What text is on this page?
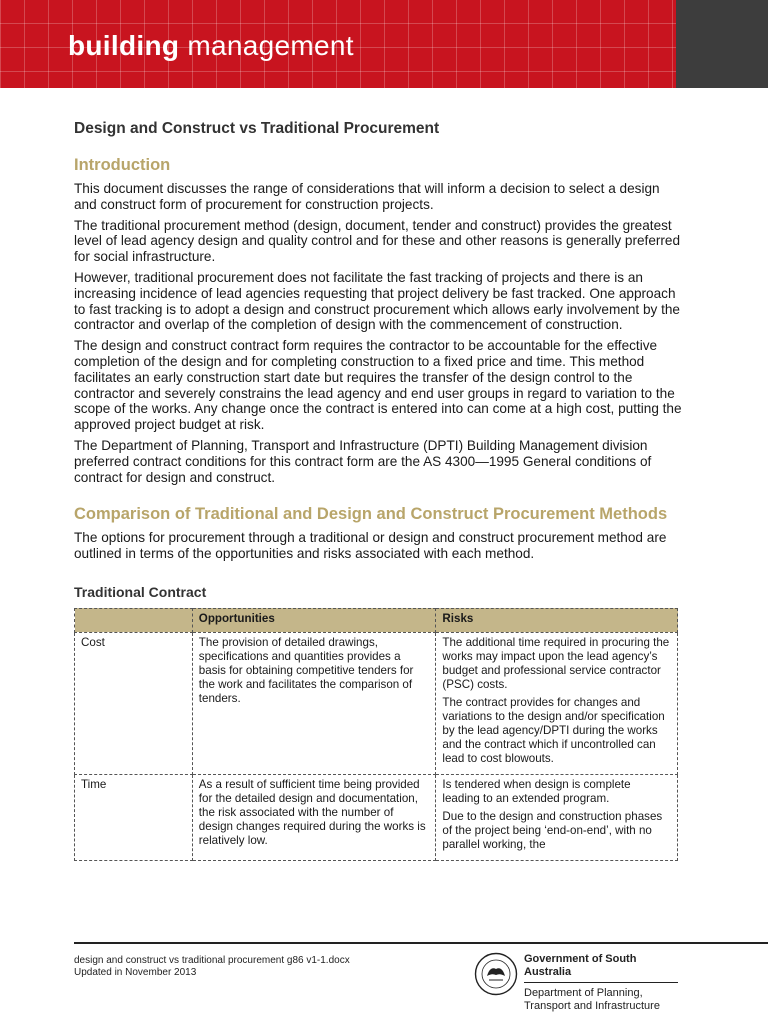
building management
Design and Construct vs Traditional Procurement
Introduction

This document discusses the range of considerations that will inform a decision to select a design and construct form of procurement for construction projects.

The traditional procurement method (design, document, tender and construct) provides the greatest level of lead agency design and quality control and for these and other reasons is generally preferred for social infrastructure.

However, traditional procurement does not facilitate the fast tracking of projects and there is an increasing incidence of lead agencies requesting that project delivery be fast tracked. One approach to fast tracking is to adopt a design and construct procurement which allows early involvement by the contractor and overlap of the completion of design with the commencement of construction.

The design and construct contract form requires the contractor to be accountable for the effective completion of the design and for completing construction to a fixed price and time. This method facilitates an early construction start date but requires the transfer of the design control to the contractor and severely constrains the lead agency and end user groups in regard to variation to the scope of the works. Any change once the contract is entered into can come at a high cost, putting the approved project budget at risk.

The Department of Planning, Transport and Infrastructure (DPTI) Building Management division preferred contract conditions for this contract form are the AS 4300—1995 General conditions of contract for design and construct.

Comparison of Traditional and Design and Construct Procurement Methods

The options for procurement through a traditional or design and construct procurement method are outlined in terms of the opportunities and risks associated with each method.

Traditional Contract
	Opportunities	Risks
Cost	The provision of detailed drawings, specifications and quantities provides a basis for obtaining competitive tenders for the work and facilitates the comparison of tenders.	The additional time required in procuring the works may impact upon the lead agency’s budget and professional service contractor (PSC) costs.

The contract provides for changes and variations to the design and/or specification by the lead agency/DPTI during the works and the contract which if uncontrolled can lead to cost blowouts.

Time	As a result of sufficient time being provided for the detailed design and documentation, the risk associated with the number of design changes required during the works is relatively low.	Is tendered when design is complete leading to an extended program.

Due to the design and construction phases of the project being ‘end-on-end’, with no parallel working, the

design and construct vs traditional procurement g86 v1-1.docx
Updated in November 2013
Government of South Australia
Department of Planning,
Transport and Infrastructure
